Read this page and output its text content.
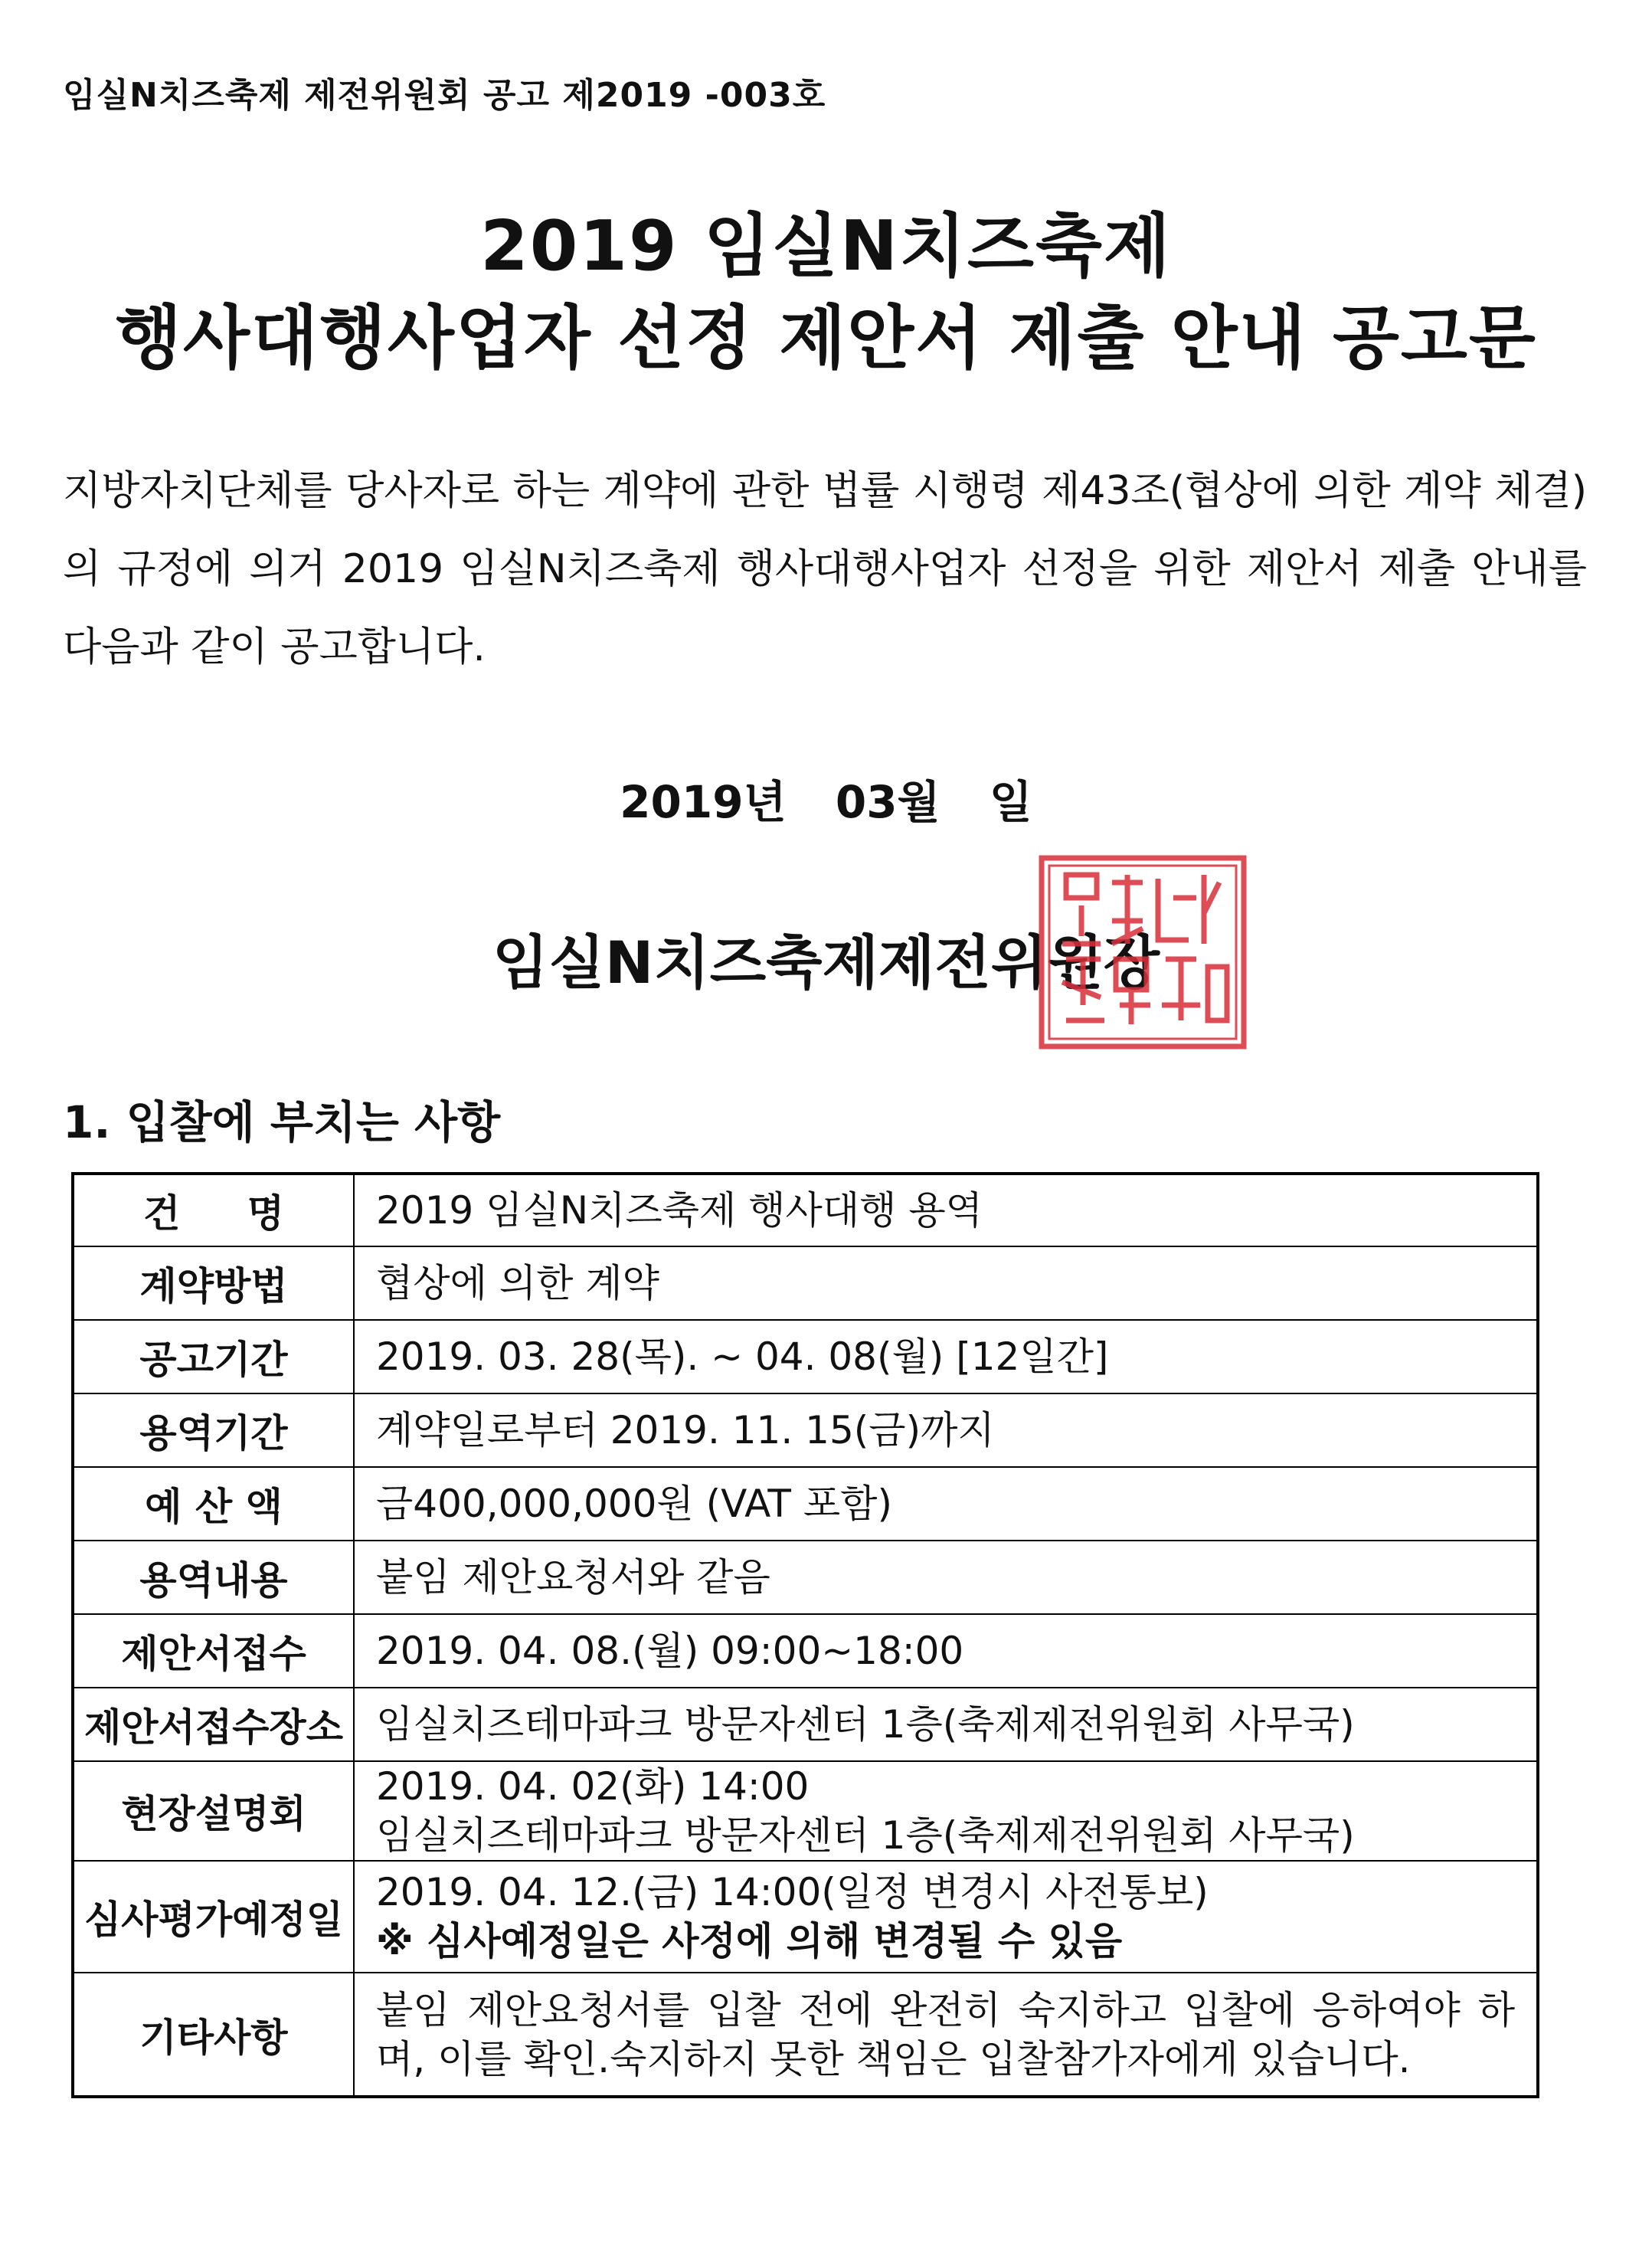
임실N치즈축제 제전위원회 공고 제2019 -003호
2019 임실N치즈축제
행사대행사업자 선정 제안서 제출 안내 공고문
지방자치단체를 당사자로 하는 계약에 관한 법률 시행령 제43조(협상에 의한 계약 체결)의 규정에 의거 2019 임실N치즈축제 행사대행사업자 선정을 위한 제안서 제출 안내를 다음과 같이 공고합니다.
2019년 03월 일
임실N치즈축제제전위원장
1. 입찰에 부치는 사항
건 명	2019 임실N치즈축제 행사대행 용역

계약방법	협상에 의한 계약

공고기간	2019. 03. 28(목). ~ 04. 08(월) [12일간]

용역기간	계약일로부터 2019. 11. 15(금)까지

예 산 액	금400,000,000원 (VAT 포함)

용역내용	붙임 제안요청서와 같음

제안서접수	2019. 04. 08.(월) 09:00~18:00

제안서접수장소	임실치즈테마파크 방문자센터 1층(축제제전위원회 사무국)

현장설명회	2019. 04. 02(화) 14:00
임실치즈테마파크 방문자센터 1층(축제제전위원회 사무국)

심사평가예정일	2019. 04. 12.(금) 14:00(일정 변경시 사전통보)
※ 심사예정일은 사정에 의해 변경될 수 있음

기타사항	붙임 제안요청서를 입찰 전에 완전히 숙지하고 입찰에 응하여야 하며, 이를 확인.숙지하지 못한 책임은 입찰참가자에게 있습니다.
